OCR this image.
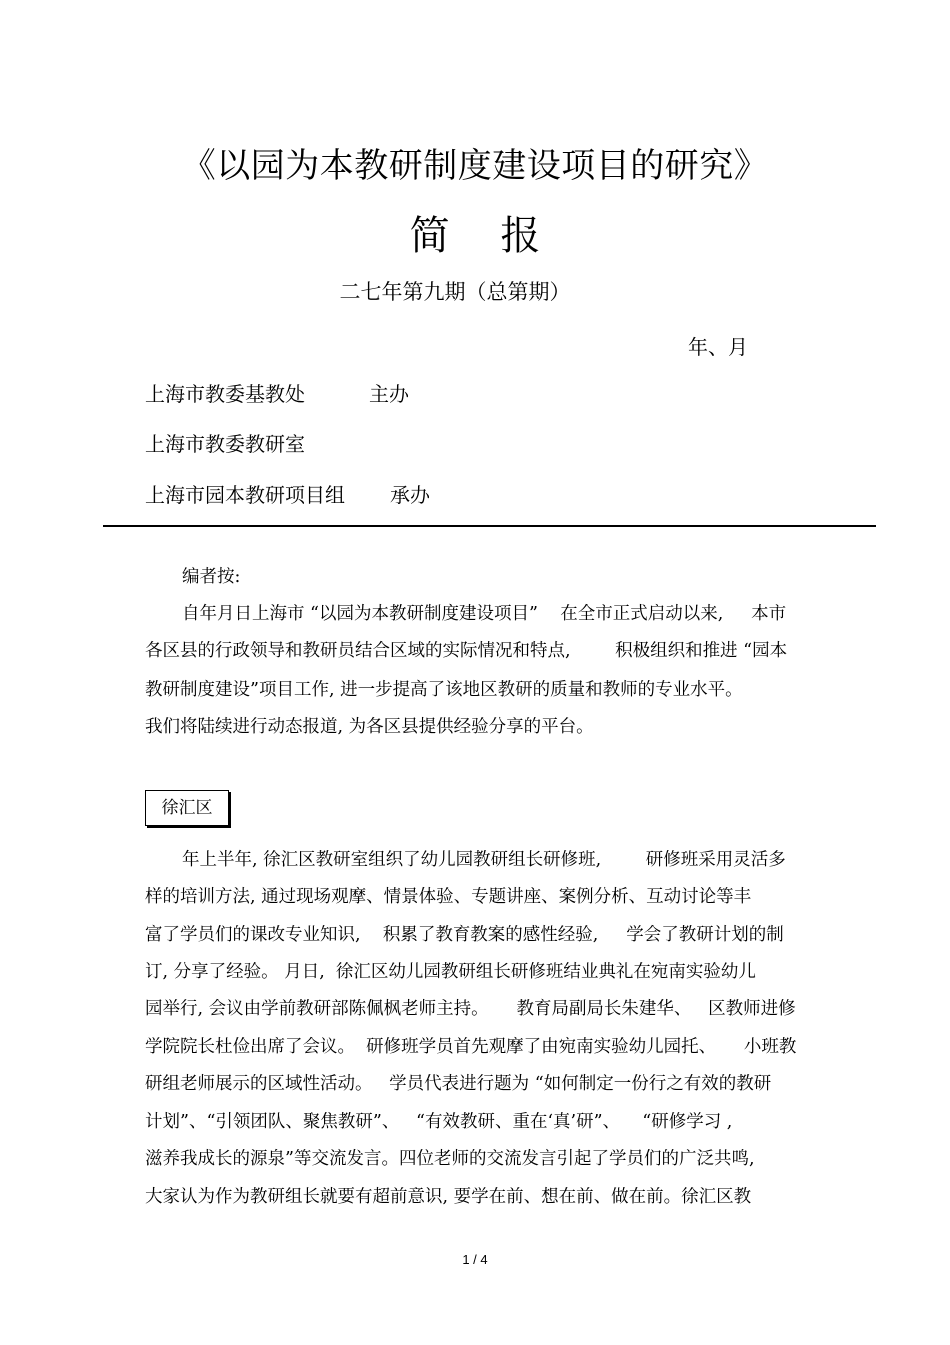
《以园为本教研制度建设项目的研究》
简    报
二七年第九期（总第期）
年、月
上海市教委基教处	主办
上海市教委教研室
上海市园本教研项目组 承办
编者按:
自年月日上海市 “以园为本教研制度建设项目”    在全市正式启动以来,     本市
各区县的行政领导和教研员结合区域的实际情况和特点,        积极组织和推进 “园本
教研制度建设”项目工作, 进一步提高了该地区教研的质量和教师的专业水平。
我们将陆续进行动态报道, 为各区县提供经验分享的平台。
徐汇区
年上半年, 徐汇区教研室组织了幼儿园教研组长研修班,        研修班采用灵活多
样的培训方法, 通过现场观摩、情景体验、专题讲座、案例分析、互动讨论等丰
富了学员们的课改专业知识,    积累了教育教案的感性经验,     学会了教研计划的制
订, 分享了经验。 月日,  徐汇区幼儿园教研组长研修班结业典礼在宛南实验幼儿
园举行, 会议由学前教研部陈佩枫老师主持。     教育局副局长朱建华、   区教师进修
学院院长杜俭出席了会议。  研修班学员首先观摩了由宛南实验幼儿园托、     小班教
研组老师展示的区域性活动。   学员代表进行题为 “如何制定一份行之有效的教研
计划”、“引领团队、聚焦教研”、   “有效教研、重在‘真’研”、    “研修学习 ,
滋养我成长的源泉”等交流发言。四位老师的交流发言引起了学员们的广泛共鸣,
大家认为作为教研组长就要有超前意识, 要学在前、想在前、做在前。徐汇区教
1 / 4
